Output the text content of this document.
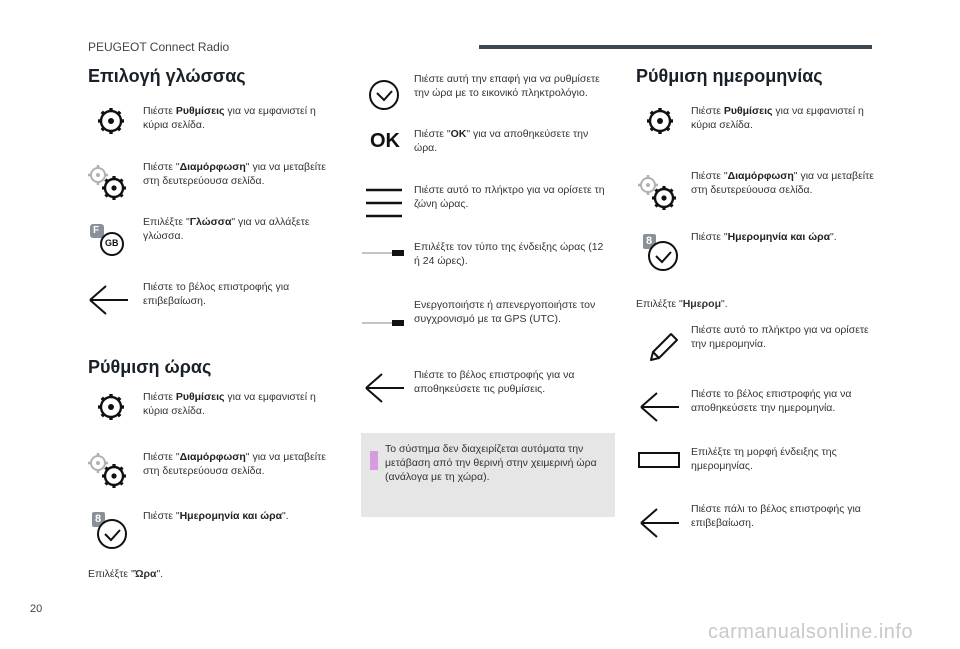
PEUGEOT Connect Radio
Επιλογή γλώσσας
Πιέστε Ρυθμίσεις για να εμφανιστεί η κύρια σελίδα.
Πιέστε "Διαμόρφωση" για να μεταβείτε στη δευτερεύουσα σελίδα.
F
GB
Επιλέξτε "Γλώσσα" για να αλλάξετε γλώσσα.
Πιέστε το βέλος επιστροφής για επιβεβαίωση.
Ρύθμιση ώρας
Πιέστε Ρυθμίσεις για να εμφανιστεί η κύρια σελίδα.
Πιέστε "Διαμόρφωση" για να μεταβείτε στη δευτερεύουσα σελίδα.
8	Πιέστε "Ημερομηνία και ώρα".
Επιλέξτε "Ώρα".
Πιέστε αυτή την επαφή για να ρυθμίσετε την ώρα με το εικονικό πληκτρολόγιο.
OK Πιέστε "OK" για να αποθηκεύσετε την ώρα.
Πιέστε αυτό το πλήκτρο για να ορίσετε τη ζώνη ώρας.
Επιλέξτε τον τύπο της ένδειξης ώρας (12 ή 24 ώρες).
Ενεργοποιήστε ή απενεργοποιήστε τον συγχρονισμό με τα GPS (UTC).
Πιέστε το βέλος επιστροφής για να αποθηκεύσετε τις ρυθμίσεις.
Το σύστημα δεν διαχειρίζεται αυτόματα την μετάβαση από την θερινή στην χειμερινή ώρα (ανάλογα με τη χώρα).
Ρύθμιση ημερομηνίας
Πιέστε Ρυθμίσεις για να εμφανιστεί η κύρια σελίδα.
Πιέστε "Διαμόρφωση" για να μεταβείτε στη δευτερεύουσα σελίδα.
8	Πιέστε "Ημερομηνία και ώρα".
Επιλέξτε "Ημερομ".
Πιέστε αυτό το πλήκτρο για να ορίσετε την ημερομηνία.
Πιέστε το βέλος επιστροφής για να αποθηκεύσετε την ημερομηνία.
Επιλέξτε τη μορφή ένδειξης της ημερομηνίας.
Πιέστε πάλι το βέλος επιστροφής για επιβεβαίωση.
20
carmanualsonline.info
